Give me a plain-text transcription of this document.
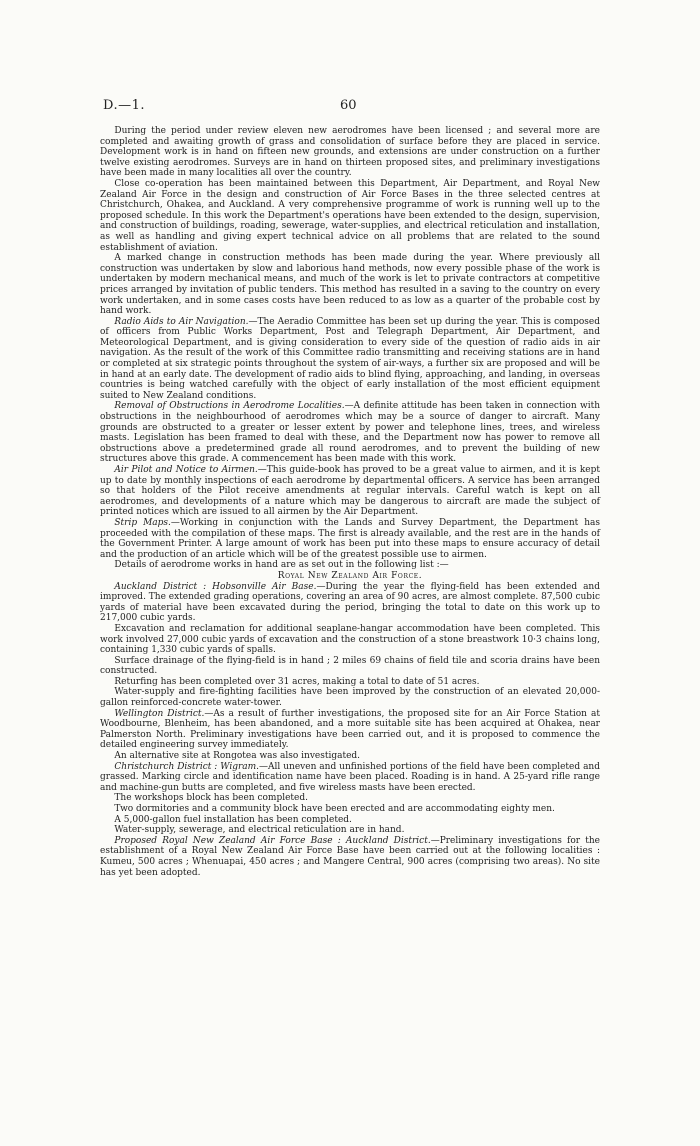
D.—1.	60

During the period under review eleven new aerodromes have been licensed ; and several more are completed and awaiting growth of grass and consolidation of surface before they are placed in service. Development work is in hand on fifteen new grounds, and extensions are under construction on a further twelve existing aerodromes. Surveys are in hand on thirteen proposed sites, and preliminary investigations have been made in many localities all over the country.

Close co-operation has been maintained between this Department, Air Department, and Royal New Zealand Air Force in the design and construction of Air Force Bases in the three selected centres at Christchurch, Ohakea, and Auckland. A very comprehensive programme of work is running well up to the proposed schedule. In this work the Department's operations have been extended to the design, supervision, and construction of buildings, roading, sewerage, water-supplies, and electrical reticulation and installation, as well as handling and giving expert technical advice on all problems that are related to the sound establishment of aviation.

A marked change in construction methods has been made during the year. Where previously all construction was undertaken by slow and laborious hand methods, now every possible phase of the work is undertaken by modern mechanical means, and much of the work is let to private contractors at competitive prices arranged by invitation of public tenders. This method has resulted in a saving to the country on every work undertaken, and in some cases costs have been reduced to as low as a quarter of the probable cost by hand work.

Radio Aids to Air Navigation.—The Aeradio Committee has been set up during the year. This is composed of officers from Public Works Department, Post and Telegraph Department, Air Department, and Meteorological Department, and is giving consideration to every side of the question of radio aids in air navigation. As the result of the work of this Committee radio transmitting and receiving stations are in hand or completed at six strategic points throughout the system of air-ways, a further six are proposed and will be in hand at an early date. The development of radio aids to blind flying, approaching, and landing, in overseas countries is being watched carefully with the object of early installation of the most efficient equipment suited to New Zealand conditions.

Removal of Obstructions in Aerodrome Localities.—A definite attitude has been taken in connection with obstructions in the neighbourhood of aerodromes which may be a source of danger to aircraft. Many grounds are obstructed to a greater or lesser extent by power and telephone lines, trees, and wireless masts. Legislation has been framed to deal with these, and the Department now has power to remove all obstructions above a predetermined grade all round aerodromes, and to prevent the building of new structures above this grade. A commencement has been made with this work.

Air Pilot and Notice to Airmen.—This guide-book has proved to be a great value to airmen, and it is kept up to date by monthly inspections of each aerodrome by departmental officers. A service has been arranged so that holders of the Pilot receive amendments at regular intervals. Careful watch is kept on all aerodromes, and developments of a nature which may be dangerous to aircraft are made the subject of printed notices which are issued to all airmen by the Air Department.

Strip Maps.—Working in conjunction with the Lands and Survey Department, the Department has proceeded with the compilation of these maps. The first is already available, and the rest are in the hands of the Government Printer. A large amount of work has been put into these maps to ensure accuracy of detail and the production of an article which will be of the greatest possible use to airmen.

Details of aerodrome works in hand are as set out in the following list :—

Royal New Zealand Air Force.

Auckland District : Hobsonville Air Base.—During the year the flying-field has been extended and improved. The extended grading operations, covering an area of 90 acres, are almost complete. 87,500 cubic yards of material have been excavated during the period, bringing the total to date on this work up to 217,000 cubic yards.

Excavation and reclamation for additional seaplane-hangar accommodation have been completed. This work involved 27,000 cubic yards of excavation and the construction of a stone breastwork 10·3 chains long, containing 1,330 cubic yards of spalls.

Surface drainage of the flying-field is in hand ; 2 miles 69 chains of field tile and scoria drains have been constructed.

Returfing has been completed over 31 acres, making a total to date of 51 acres.

Water-supply and fire-fighting facilities have been improved by the construction of an elevated 20,000-gallon reinforced-concrete water-tower.

Wellington District.—As a result of further investigations, the proposed site for an Air Force Station at Woodbourne, Blenheim, has been abandoned, and a more suitable site has been acquired at Ohakea, near Palmerston North. Preliminary investigations have been carried out, and it is proposed to commence the detailed engineering survey immediately.

An alternative site at Rongotea was also investigated.

Christchurch District : Wigram.—All uneven and unfinished portions of the field have been completed and grassed. Marking circle and identification name have been placed. Roading is in hand. A 25-yard rifle range and machine-gun butts are completed, and five wireless masts have been erected.

The workshops block has been completed.

Two dormitories and a community block have been erected and are accommodating eighty men.

A 5,000-gallon fuel installation has been completed.

Water-supply, sewerage, and electrical reticulation are in hand.

Proposed Royal New Zealand Air Force Base : Auckland District.—Preliminary investigations for the establishment of a Royal New Zealand Air Force Base have been carried out at the following localities : Kumeu, 500 acres ; Whenuapai, 450 acres ; and Mangere Central, 900 acres (comprising two areas). No site has yet been adopted.
